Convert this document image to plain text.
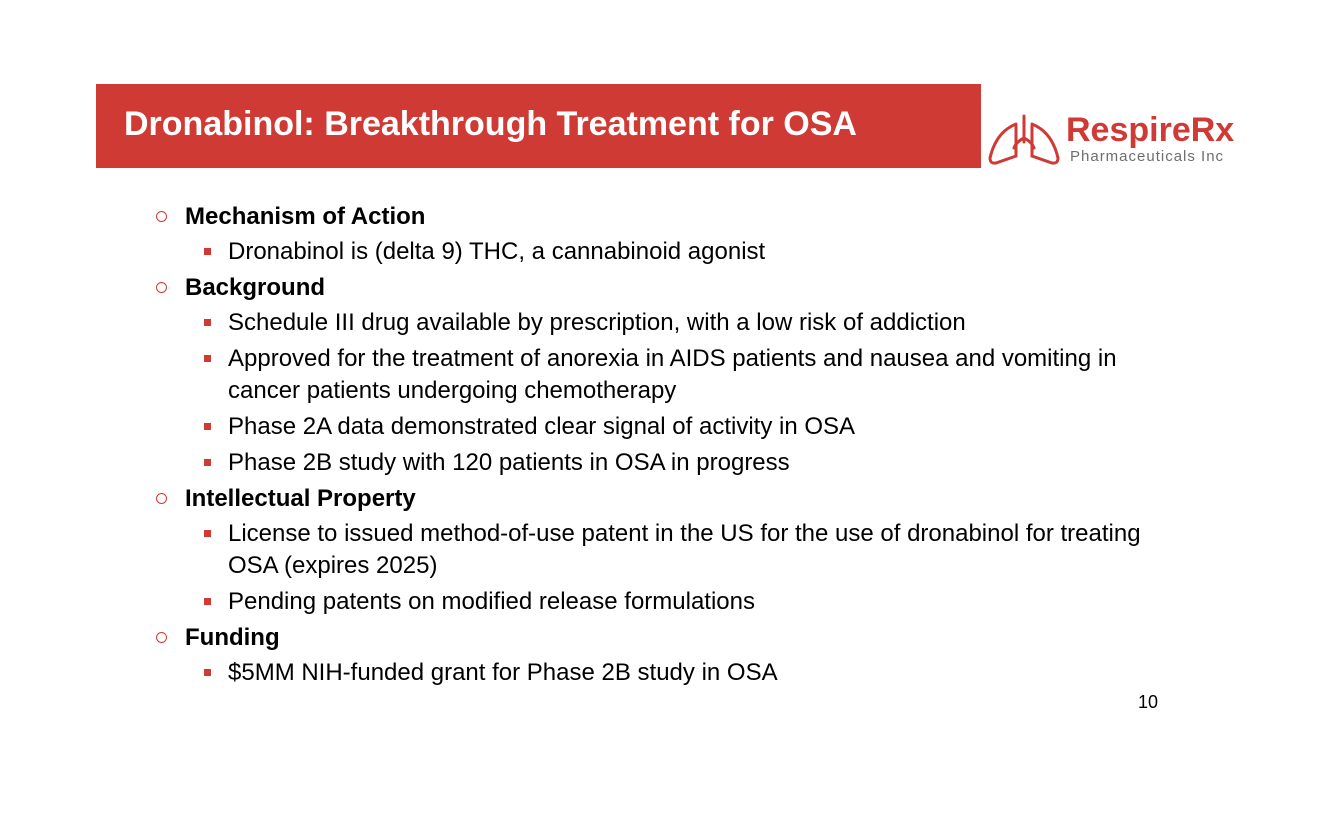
Dronabinol: Breakthrough Treatment for OSA	RespireRx
Pharmaceuticals Inc
Mechanism of Action
Dronabinol is (delta 9) THC, a cannabinoid agonist
Background
Schedule III drug available by prescription, with a low risk of addiction
Approved for the treatment of anorexia in AIDS patients and nausea and vomiting in cancer patients undergoing chemotherapy
Phase 2A data demonstrated clear signal of activity in OSA
Phase 2B study with 120 patients in OSA in progress
Intellectual Property
License to issued method-of-use patent in the US for the use of dronabinol for treating OSA (expires 2025)
Pending patents on modified release formulations
Funding
$5MM NIH-funded grant for Phase 2B study in OSA
10
